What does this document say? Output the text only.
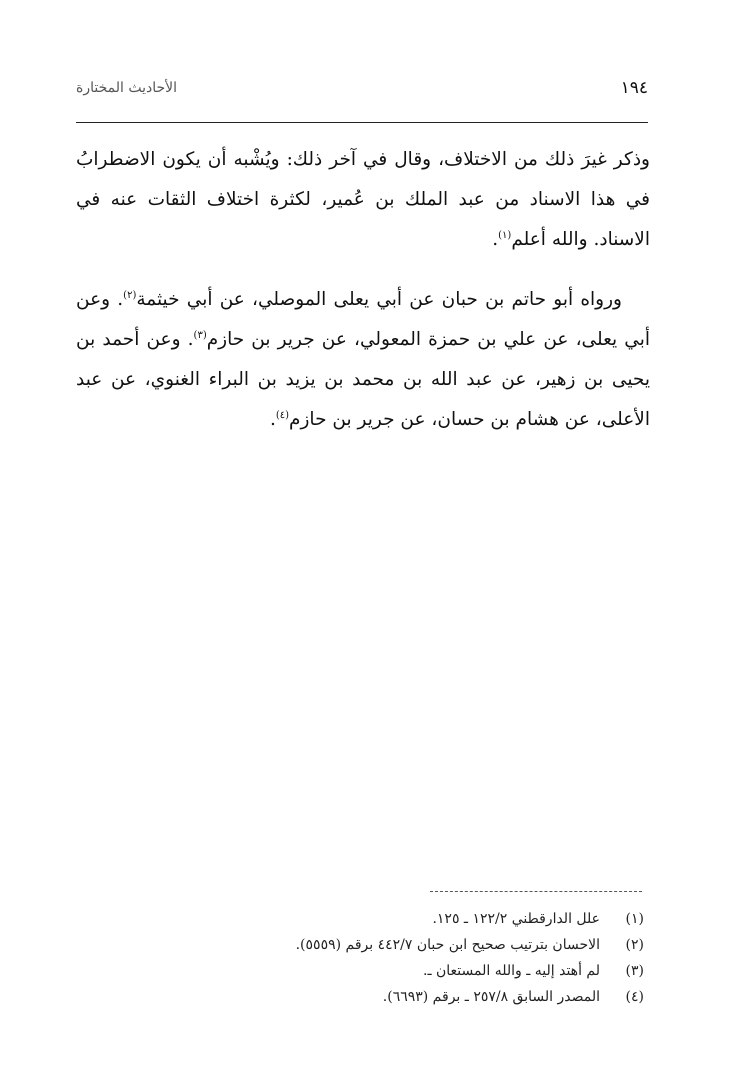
١٩٤
الأحاديث المختارة

وذكر غيرَ ذلك من الاختلاف، وقال في آخر ذلك: ويُشْبه أن يكون الاضطرابُ في هذا الاسناد من عبد الملك بن عُمير، لكثرة اختلاف الثقات عنه في الاسناد. والله أعلم$^{(١)}$.

ورواه أبو حاتم بن حبان عن أبي يعلى الموصلي، عن أبي خيثمة$^{(٢)}$. وعن أبي يعلى، عن علي بن حمزة المعولي، عن جرير بن حازم$^{(٣)}$. وعن أحمد بن يحيى بن زهير، عن عبد الله بن محمد بن يزيد بن البراء الغنوي، عن عبد الأعلى، عن هشام بن حسان، عن جرير بن حازم$^{(٤)}$.

(١)
علل الدارقطني ١٢٢/٢ ـ ١٢٥.
(٢)
الاحسان بترتيب صحيح ابن حبان ٤٤٢/٧ برقم (٥٥٥٩).
(٣)
لم أهتد إليه ـ والله المستعان ـ.
(٤)
المصدر السابق ٢٥٧/٨ ـ برقم (٦٦٩٣).
